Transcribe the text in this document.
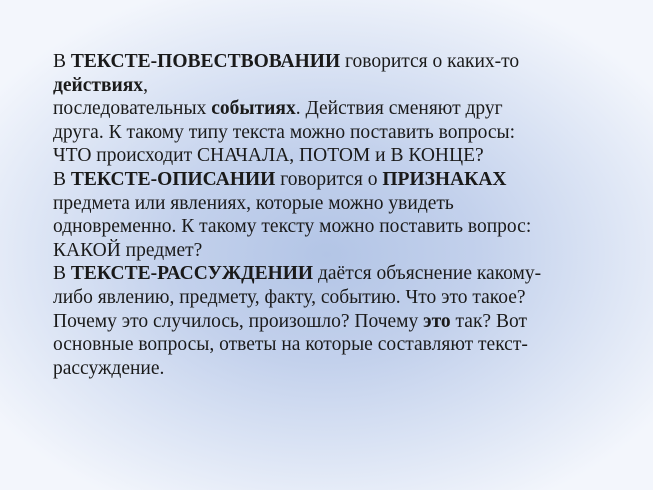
В ТЕКСТЕ-ПОВЕСТВОВАНИИ говорится о каких-то
действиях,
последовательных событиях. Действия сменяют друг
друга. К такому типу текста можно поставить вопросы:
ЧТО происходит СНАЧАЛА, ПОТОМ и В КОНЦЕ?

В ТЕКСТЕ-ОПИСАНИИ говорится о ПРИЗНАКАХ
предмета или явлениях, которые можно увидеть
одновременно. К такому тексту можно поставить вопрос:
КАКОЙ предмет?

В ТЕКСТЕ-РАССУЖДЕНИИ даётся объяснение какому-
либо явлению, предмету, факту, событию. Что это такое?
Почему это случилось, произошло? Почему это так? Вот
основные вопросы, ответы на которые составляют текст-
рассуждение.
